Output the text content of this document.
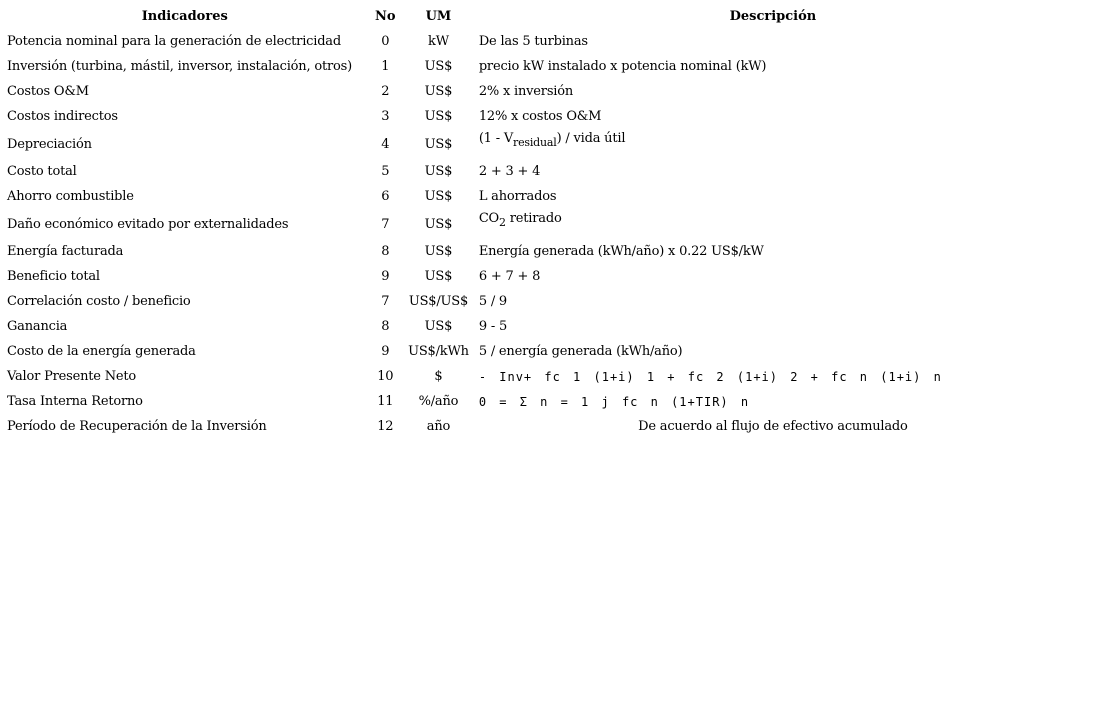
Indicadores	No	UM	Descripción
Potencia nominal para la generación de electricidad	0	kW	De las 5 turbinas
Inversión (turbina, mástil, inversor, instalación, otros)	1	US$	precio kW instalado x potencia nominal (kW)
Costos O&M	2	US$	2% x inversión
Costos indirectos	3	US$	12% x costos O&M
Depreciación	4	US$	$(1 - V_{residual})$ / vida útil
Costo total	5	US$	2 + 3 + 4
Ahorro combustible	6	US$	L ahorrados
Daño económico evitado por externalidades	7	US$	$CO_2$ retirado
Energía facturada	8	US$	Energía generada (kWh/año) x 0.22 US$/kW
Beneficio total	9	US$	6 + 7 + 8
Correlación costo / beneficio	7	US$/US$	5 / 9
Ganancia	8	US$	9 - 5
Costo de la energía generada	9	US$/kWh	5 / energía generada (kWh/año)
Valor Presente Neto	10	$	- Inv+ fc 1 (1+i) 1 + fc 2 (1+i) 2 + fc n (1+i) n
Tasa Interna Retorno	11	%/año	0 = Σ n = 1 j fc n (1+TIR) n
Período de Recuperación de la Inversión	12	año	De acuerdo al flujo de efectivo acumulado
